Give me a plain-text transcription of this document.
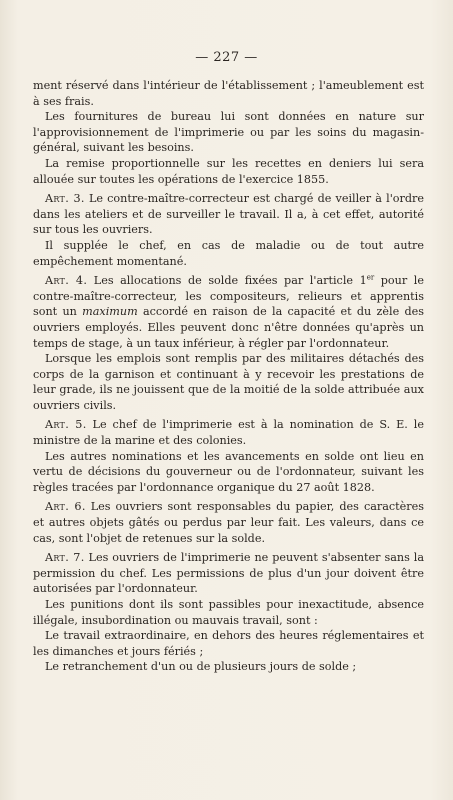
— 227 —

ment réservé dans l'intérieur de l'établissement ; l'ameublement est à ses frais.

Les fournitures de bureau lui sont données en nature sur l'approvisionnement de l'imprimerie ou par les soins du magasin-général, suivant les besoins.

La remise proportionnelle sur les recettes en deniers lui sera allouée sur toutes les opérations de l'exercice 1855.

Art. 3. Le contre-maître-correcteur est chargé de veiller à l'ordre dans les ateliers et de surveiller le travail. Il a, à cet effet, autorité sur tous les ouvriers.

Il supplée le chef, en cas de maladie ou de tout autre empêchement momentané.

Art. 4. Les allocations de solde fixées par l'article 1er pour le contre-maître-correcteur, les compositeurs, relieurs et apprentis sont un maximum accordé en raison de la capacité et du zèle des ouvriers employés. Elles peuvent donc n'être données qu'après un temps de stage, à un taux inférieur, à régler par l'ordonnateur.

Lorsque les emplois sont remplis par des militaires détachés des corps de la garnison et continuant à y recevoir les prestations de leur grade, ils ne jouissent que de la moitié de la solde attribuée aux ouvriers civils.

Art. 5. Le chef de l'imprimerie est à la nomination de S. E. le ministre de la marine et des colonies.

Les autres nominations et les avancements en solde ont lieu en vertu de décisions du gouverneur ou de l'ordonnateur, suivant les règles tracées par l'ordonnance organique du 27 août 1828.

Art. 6. Les ouvriers sont responsables du papier, des caractères et autres objets gâtés ou perdus par leur fait. Les valeurs, dans ce cas, sont l'objet de retenues sur la solde.

Art. 7. Les ouvriers de l'imprimerie ne peuvent s'absenter sans la permission du chef. Les permissions de plus d'un jour doivent être autorisées par l'ordonnateur.

Les punitions dont ils sont passibles pour inexactitude, absence illégale, insubordination ou mauvais travail, sont :

Le travail extraordinaire, en dehors des heures réglementaires et les dimanches et jours fériés ;

Le retranchement d'un ou de plusieurs jours de solde ;
